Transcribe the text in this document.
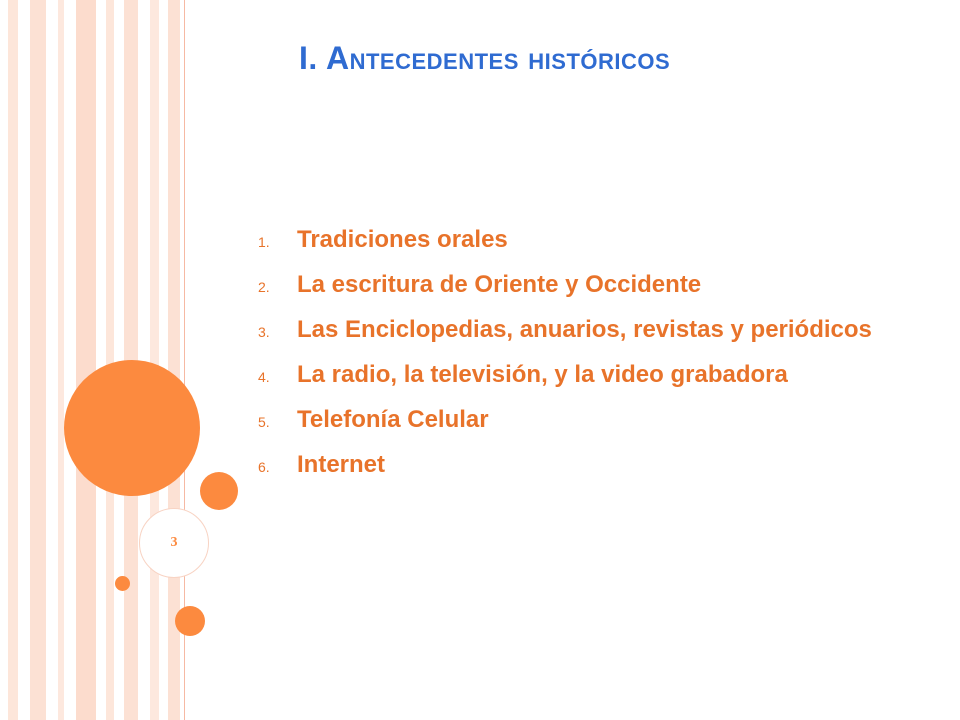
3
I. Antecedentes históricos
1. Tradiciones orales
2. La escritura de Oriente y Occidente
3. Las Enciclopedias, anuarios, revistas y periódicos
4. La radio, la televisión, y la video grabadora
5. Telefonía Celular
6. Internet
